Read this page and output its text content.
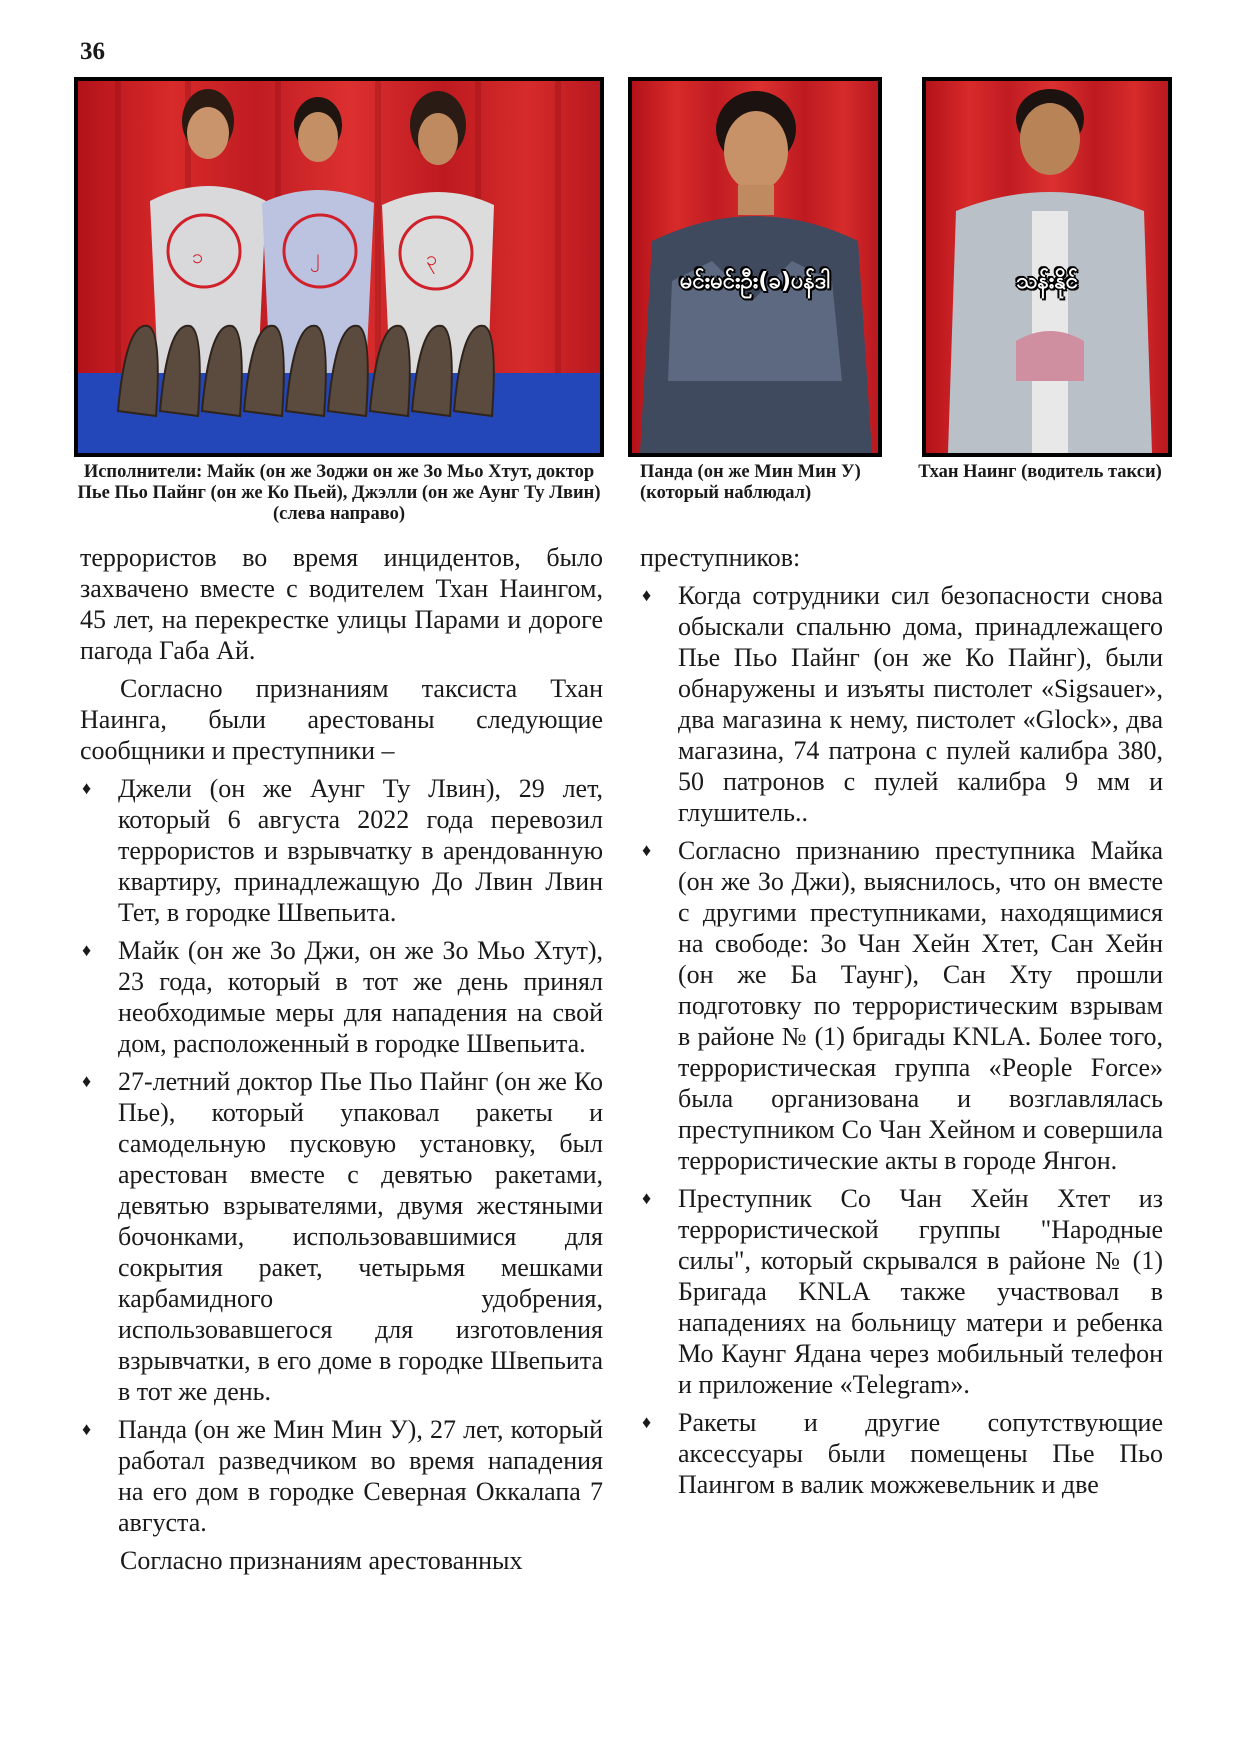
36
၁	၂	၃
မင်းမင်းဦး(ခ)ပန်ဒါ	သန်းနိုင်
Исполнители: Майк (он же Зоджи он же Зо Мьо Хтут, доктор Пье Пьо Пайнг (он же Ко Пьей), Джэлли (он же Аунг Ту Лвин) (слева направо)
Панда (он же Мин Мин У) (который наблюдал)
Тхан Наинг (водитель такси)

террористов во время инцидентов, было захвачено вместе с водителем Тхан Наингом, 45 лет, на перекрестке улицы Парами и дороге пагода Габа Ай.

Согласно признаниям таксиста Тхан Наинга, были арестованы следующие сообщники и преступники –

♦ Джели (он же Аунг Ту Лвин), 29 лет, который 6 августа 2022 года перевозил террористов и взрывчатку в арендованную квартиру, принадлежащую До Лвин Лвин Тет, в городке Швепьита.
♦ Майк (он же Зо Джи, он же Зо Мьо Хтут), 23 года, который в тот же день принял необходимые меры для нападения на свой дом, расположенный в городке Швепьита.
♦ 27-летний доктор Пье Пьо Пайнг (он же Ко Пье), который упаковал ракеты и самодельную пусковую установку, был арестован вместе с девятью ракетами, девятью взрывателями, двумя жестяными бочонками, использовавшимися для сокрытия ракет, четырьмя мешками карбамидного удобрения, использовавшегося для изготовления взрывчатки, в его доме в городке Швепьита в тот же день.
♦ Панда (он же Мин Мин У), 27 лет, который работал разведчиком во время нападения на его дом в городке Северная Оккалапа 7 августа.

Согласно признаниям арестованных

преступников:

♦ Когда сотрудники сил безопасности снова обыскали спальню дома, принадлежащего Пье Пьо Пайнг (он же Ко Пайнг), были обнаружены и изъяты пистолет «Sigsauer», два магазина к нему, пистолет «Glock», два магазина, 74 патрона с пулей калибра 380, 50 патронов с пулей калибра 9 мм и глушитель..
♦ Согласно признанию преступника Майка (он же Зо Джи), выяснилось, что он вместе с другими преступниками, находящимися на свободе: Зо Чан Хейн Хтет, Сан Хейн (он же Ба Таунг), Сан Хту прошли подготовку по террористическим взрывам в районе № (1) бригады KNLA. Более того, террористическая группа «People Force» была организована и возглавлялась преступником Со Чан Хейном и совершила террористические акты в городе Янгон.
♦ Преступник Со Чан Хейн Хтет из террористической группы "Народные силы", который скрывался в районе № (1) Бригада KNLA также участвовал в нападениях на больницу матери и ребенка Мо Каунг Ядана через мобильный телефон и приложение «Telegram».
♦ Ракеты и другие сопутствующие аксессуары были помещены Пье Пьо Паингом в валик можжевельник и две
